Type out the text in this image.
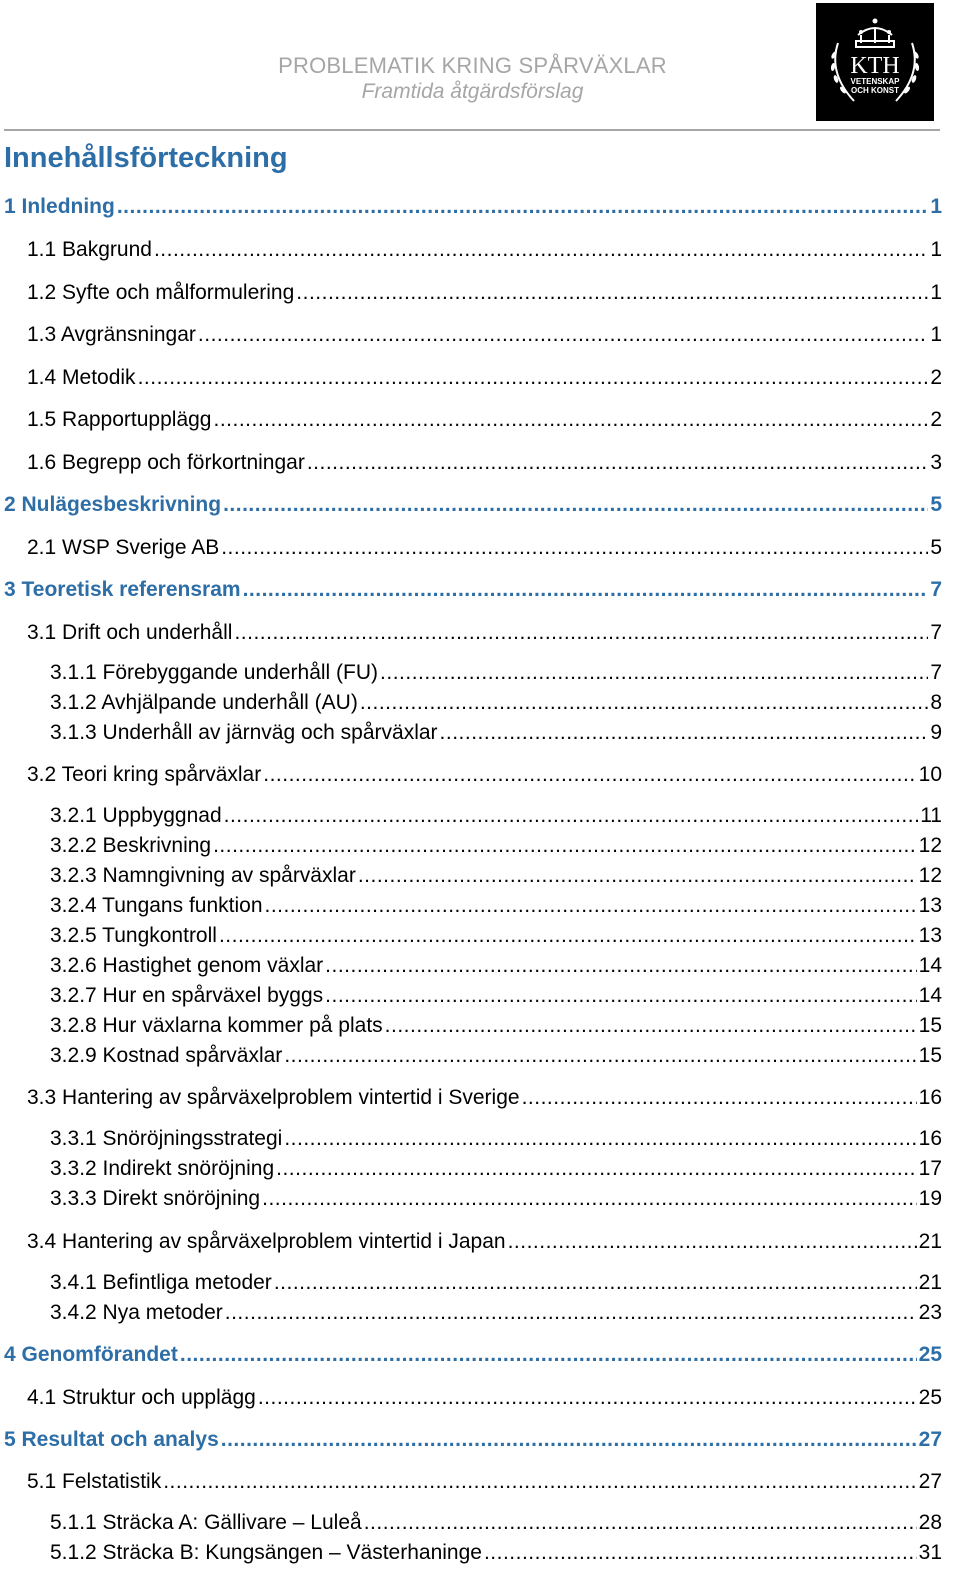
PROBLEMATIK KRING SPÅRVÄXLAR
Framtida åtgärdsförslag
KTH
VETENSKAP
OCH KONST
Innehållsförteckning
1 Inledning .....	1
1.1 Bakgrund .....	1
1.2 Syfte och målformulering .....	1
1.3 Avgränsningar .....	1
1.4 Metodik .....	2
1.5 Rapportupplägg .....	2
1.6 Begrepp och förkortningar .....	3
2 Nulägesbeskrivning .....	5
2.1 WSP Sverige AB .....	5
3 Teoretisk referensram .....	7
3.1 Drift och underhåll .....	7
3.1.1 Förebyggande underhåll (FU) .....	7
3.1.2 Avhjälpande underhåll (AU) .....	8
3.1.3 Underhåll av järnväg och spårväxlar .....	9
3.2 Teori kring spårväxlar .....	10
3.2.1 Uppbyggnad .....	11
3.2.2 Beskrivning .....	12
3.2.3 Namngivning av spårväxlar .....	12
3.2.4 Tungans funktion .....	13
3.2.5 Tungkontroll .....	13
3.2.6 Hastighet genom växlar .....	14
3.2.7 Hur en spårväxel byggs .....	14
3.2.8 Hur växlarna kommer på plats .....	15
3.2.9 Kostnad spårväxlar .....	15
3.3 Hantering av spårväxelproblem vintertid i Sverige .....	16
3.3.1 Snöröjningsstrategi .....	16
3.3.2 Indirekt snöröjning .....	17
3.3.3 Direkt snöröjning .....	19
3.4 Hantering av spårväxelproblem vintertid i Japan .....	21
3.4.1 Befintliga metoder .....	21
3.4.2 Nya metoder .....	23
4 Genomförandet .....	25
4.1 Struktur och upplägg .....	25
5 Resultat och analys .....	27
5.1 Felstatistik .....	27
5.1.1 Sträcka A: Gällivare – Luleå .....	28
5.1.2 Sträcka B: Kungsängen – Västerhaninge .....	31
